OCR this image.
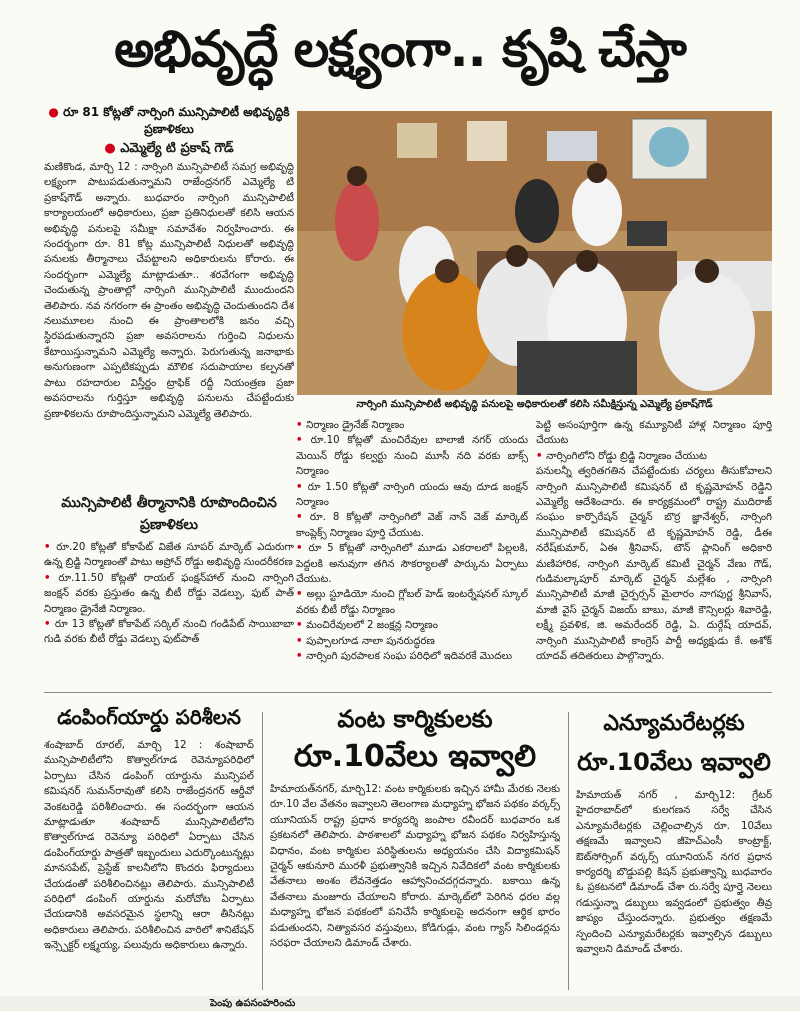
అభివృద్ధే లక్ష్యంగా.. కృషి చేస్తా
● రూ 81 కోట్లతో నార్సింగి మున్సిపాలిటీ అభివృద్ధికి ప్రణాళికలు
● ఎమ్మెల్యే టి ప్రకాష్ గౌడ్
మణికొండ, మార్చి 12 : నార్సింగి మున్సిపాలిటీ సమగ్ర అభివృద్ధి లక్ష్యంగా పాటుపడుతున్నామని రాజేంద్రనగర్ ఎమ్మెల్యే టి ప్రకాష్‌గౌడ్ అన్నారు. బుధవారం నార్సింగి మున్సిపాలిటీ కార్యాలయంలో అధికారులు, ప్రజా ప్రతినిధులతో కలిసి ఆయన అభివృద్ధి పనులపై సమీక్షా సమావేశం నిర్వహించారు. ఈ సందర్భంగా రూ. 81 కోట్ల మున్సిపాలిటీ నిధులతో అభివృద్ధి పనులకు తీర్మానాలు చేపట్టాలని అధికారులను కోరారు. ఈ సందర్భంగా ఎమ్మెల్యే మాట్లాడుతూ.. శరవేగంగా అభివృద్ధి చెందుతున్న ప్రాంతాల్లో నార్సింగి మున్సిపాలిటీ ముందుందని తెలిపారు. నవ నగరంగా ఈ ప్రాంతం అభివృద్ధి చెందుతుందని దేశ నలుమూలల నుంచి ఈ ప్రాంతాలలోకి జనం వచ్చి స్థిరపడుతున్నారని ప్రజా అవసరాలను గుర్తించి నిధులను కేటాయిస్తున్నామని ఎమ్మెల్యే అన్నారు. పెరుగుతున్న జనాభాకు అనుగుణంగా ఎప్పటికప్పుడు మౌలిక సదుపాయాల కల్పనతో పాటు రహదారుల విస్తీర్ణం ట్రాఫిక్ రద్దీ నియంత్రణ ప్రజా అవసరాలను గుర్తిస్తూ అభివృద్ధి పనులను చేపట్టేందుకు ప్రణాళికలను రూపొందిస్తున్నామని ఎమ్మెల్యే తెలిపారు.
మున్సిపాలిటీ తీర్మానానికి రూపొందించిన ప్రణాళికలు
• రూ.20 కోట్లతో కోకాపేట్ విజేత సూపర్ మార్కెట్ ఎదురుగా ఉన్న బ్రిడ్జి నిర్మాణంతో పాటు అప్రోచ్ రోడ్డు అభివృద్ధి సుందరీకరణ
• రూ.11.50 కోట్లతో రాయల్ ఫంక్షన్‌హాల్ నుంచి నార్సింగి జంక్షన్ వరకు ప్రస్తుతం ఉన్న బీటీ రోడ్డు వెడల్పు, ఫుట్ పాత్ నిర్మాణం డ్రైనేజీ నిర్మాణం.
• రూ 13 కోట్లతో కోకాపేట్ సర్కిల్ నుంచి గండిపేట్ సాయిబాబా గుడి వరకు బీటీ రోడ్డు వెడల్పు ఫుట్‌పాత్
నార్సింగి మున్సిపాలిటీ అభివృద్ధి పనులపై అధికారులతో కలిసి సమీక్షిస్తున్న ఎమ్మెల్యే ప్రకాష్‌గౌడ్
• నిర్మాణం డ్రైనేజ్ నిర్మాణం
• రూ.10 కోట్లతో మంచిరేవుల బాలాజీ నగర్ యందు మెయిన్ రోడ్డు కల్వర్టు నుంచి మూసీ నది వరకు బాక్స్ నిర్మాణం
• రూ 1.50 కోట్లతో నార్సింగి యందు ఆవు దూడ జంక్షన్ నిర్మాణం
• రూ. 8 కోట్లతో నార్సింగిలో వెజ్ నాన్ వెజ్ మార్కెట్ కాంప్లెక్స్ నిర్మాణం పూర్తి చేయుట.
• రూ 5 కోట్లతో నార్సింగిలో మూడు ఎకరాలలో పిల్లలకి, పెద్దలకి అనువుగా తగిన సౌకర్యాలతో పార్కును ఏర్పాటు చేయుట.
• అల్లు స్టూడియో నుంచి గ్లోబల్ హెడ్ ఇంటర్నేషనల్ స్కూల్ వరకు బీటీ రోడ్డు నిర్మాణం
• మంచిరేవులలో 2 జంక్షన్ల నిర్మాణం
• పుప్పాలగూడ నాలా పునరుద్ధరణ
• నార్సింగి పురపాలక సంఘ పరిధిలో ఇదివరకే మొదలు
పెట్టి అసంపూర్తిగా ఉన్న కమ్యూనిటీ హాళ్ల నిర్మాణం పూర్తి చేయుట
• నార్సింగిలోని రోడ్డు బ్రిడ్జి నిర్మాణం చేయుట
పనులన్నీ త్వరితగతిన చేపట్టేందుకు చర్యలు తీసుకోవాలని నార్సింగి మున్సిపాలిటీ కమిషనర్ టి కృష్ణమోహన్ రెడ్డిని ఎమ్మెల్యే ఆదేశించారు. ఈ కార్యక్రమంలో రాష్ట్ర ముదిరాజ్ సంఘం కార్పొరేషన్ చైర్మన్ బొర్ర జ్ఞానేశ్వర్, నార్సింగి మున్సిపాలిటీ కమిషనర్ టి కృష్ణమోహన్ రెడ్డి, డీఈ నరేష్‌కుమార్, ఏఈ శ్రీనివాస్, టౌన్ ప్లానింగ్ అధికారి మణిహారిక, నార్సింగి మార్కెట్ కమిటీ చైర్మన్ వేణు గౌడ్, గుడిమల్కాపూర్ మార్కెట్ చైర్మన్ మల్లేశం , నార్సింగి మున్సిపాలిటీ మాజీ చైర్పర్సన్ మైలారం నాగపుర్ణ శ్రీనివాస్, మాజీ వైస్ చైర్మన్ విజయ్ బాబు, మాజీ కౌన్సిలర్లు శివారెడ్డి, లక్ష్మీ ప్రవళిక, జి. అమరేందర్ రెడ్డి, ఏ. దుర్గేష్ యాదవ్, నార్సింగి మున్సిపాలిటీ కాంగ్రెస్ పార్టీ అధ్యక్షుడు కే. అశోక్ యాదవ్ తదితరులు పాల్గొన్నారు.
డంపింగ్‌యార్డు పరిశీలన
శంషాబాద్ రూరల్, మార్చి 12 : శంషాబాద్ మున్సిపాలిటీలోని కొత్వాల్‌గూడ రెవెన్యూపరిధిలో ఏర్పాటు చేసిన డంపింగ్ యార్డును మున్సిపల్ కమిషనర్ సుమన్‌రావుతో కలిసి రాజేంద్రనగర్ ఆర్డీవో వెంకటరెడ్డి పరిశీలించారు. ఈ సందర్భంగా ఆయన మాట్లాడుతూ శంషాబాద్ మున్సిపాలిటీలోని కొత్వాల్‌గూడ రెవెన్యూ పరిధిలో ఏర్పాటు చేసిన డంపింగ్‌యార్డు పాత్రతో ఇబ్బందులు ఎదుర్కొంటున్నట్లు మానసపేట్, ప్రెస్టేజ్ కాలనీలోని కొందరు ఫిర్యాదులు చేయడంతో పరిశీలించినట్లు తెలిపారు. మున్సిపాలిటీ పరిధిలో డంపింగ్ యార్డును మరోచోట ఏర్పాటు చేయడానికి అవసరమైన స్థలాన్ని ఆరా తీసినట్లు అధికారులు తెలిపారు. పరిశీలించిన వారిలో శానిటేషన్ ఇన్స్పెక్టర్ లక్ష్మయ్య, పలువురు అధికారులు ఉన్నారు.
వంట కార్మికులకు
రూ.10వేలు ఇవ్వాలి
హిమాయత్‌నగర్, మార్చి12: వంట కార్మికులకు ఇచ్చిన హామీ మేరకు నెలకు రూ.10 వేల వేతనం ఇవ్వాలని తెలంగాణ మధ్యాహ్న భోజన పథకం వర్కర్స్ యూనియన్ రాష్ట్ర ప్రధాన కార్యదర్శి జంపాల రవీందర్ బుధవారం ఒక ప్రకటనలో తెలిపారు. పాఠశాలలో మధ్యాహ్న భోజన పథకం నిర్వహిస్తున్న విధానం, వంట కార్మికుల పరిస్థితులను అధ్యయనం చేసి విద్యాకమిషన్ చైర్మన్ ఆకునూరి మురళీ ప్రభుత్వానికి ఇచ్చిన నివేదికలో వంట కార్మికులకు వేతనాలు అంశం లేవనెత్తడం ఆహ్వానించదగ్గదన్నారు. బకాయి ఉన్న వేతనాలు మంజూరు చేయాలని కోరారు. మార్కెట్‌లో పెరిగిన ధరల వల్ల మధ్యాహ్న భోజన పథకంలో పనిచేసే కార్మికులపై అదనంగా ఆర్థిక భారం పడుతుందని, నిత్యావసర వస్తువులు, కోడిగుడ్లు, వంట గ్యాస్ సిలిండర్లను సరఫరా చేయాలని డిమాండ్ చేశారు.
ఎన్యూమరేటర్లకు
రూ.10వేలు ఇవ్వాలి
హిమాయత్ నగర్ , మార్చి12: గ్రేటర్ హైదరాబాద్‌లో కులగణన సర్వే చేసిన ఎన్యూమరేటర్లకు చెల్లించాల్సిన రూ. 10వేలు తక్షణమే ఇవ్వాలని జీహెచ్‌ఎంసీ కాంట్రాక్ట్, ఔట్‌సోర్సింగ్ వర్కర్స్ యూనియన్ నగర ప్రధాన కార్యదర్శి బొడ్డుపల్లి కిషన్ ప్రభుత్వాన్ని బుధవారం ఓ ప్రకటనలో డిమాండ్ చేశా రు.సర్వే పూర్తై నెలలు గడుస్తున్నా డబ్బులు ఇవ్వడంలో ప్రభుత్వం తీవ్ర జాప్యం చేస్తుందన్నారు. ప్రభుత్వం తక్షణమే స్పందించి ఎన్యూమరేటర్లకు ఇవ్వాల్సిన డబ్బులు ఇవ్వాలని డిమాండ్ చేశారు.
పెంపు ఉపసంహరించు
